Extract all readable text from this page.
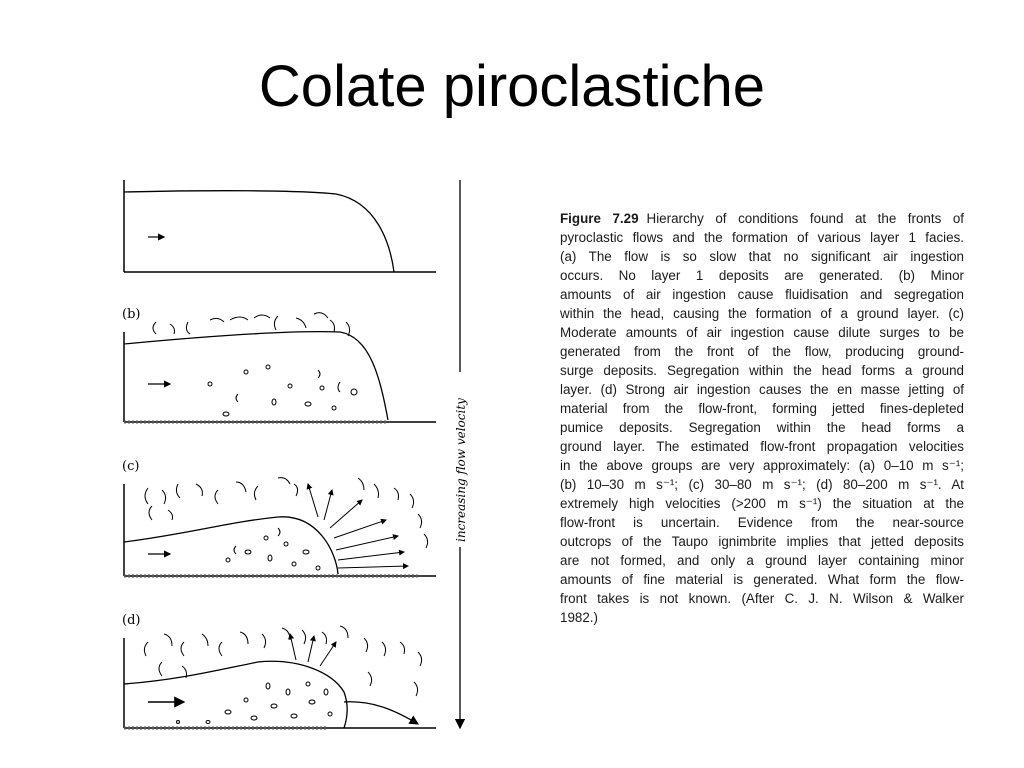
Colate piroclastiche
(b)
(c)
(d)
increasing flow velocity
Figure 7.29 Hierarchy of conditions found at the fronts of
pyroclastic flows and the formation of various layer 1 facies.
(a) The flow is so slow that no significant air ingestion
occurs. No layer 1 deposits are generated. (b) Minor
amounts of air ingestion cause fluidisation and segregation
within the head, causing the formation of a ground layer. (c)
Moderate amounts of air ingestion cause dilute surges to be
generated from the front of the flow, producing ground-
surge deposits. Segregation within the head forms a ground
layer. (d) Strong air ingestion causes the en masse jetting of
material from the flow-front, forming jetted fines-depleted
pumice deposits. Segregation within the head forms a
ground layer. The estimated flow-front propagation velocities
in the above groups are very approximately: (a) 0–10 m s⁻¹;
(b) 10–30 m s⁻¹; (c) 30–80 m s⁻¹; (d) 80–200 m s⁻¹. At
extremely high velocities (>200 m s⁻¹) the situation at the
flow-front is uncertain. Evidence from the near-source
outcrops of the Taupo ignimbrite implies that jetted deposits
are not formed, and only a ground layer containing minor
amounts of fine material is generated. What form the flow-
front takes is not known. (After C. J. N. Wilson & Walker
1982.)
